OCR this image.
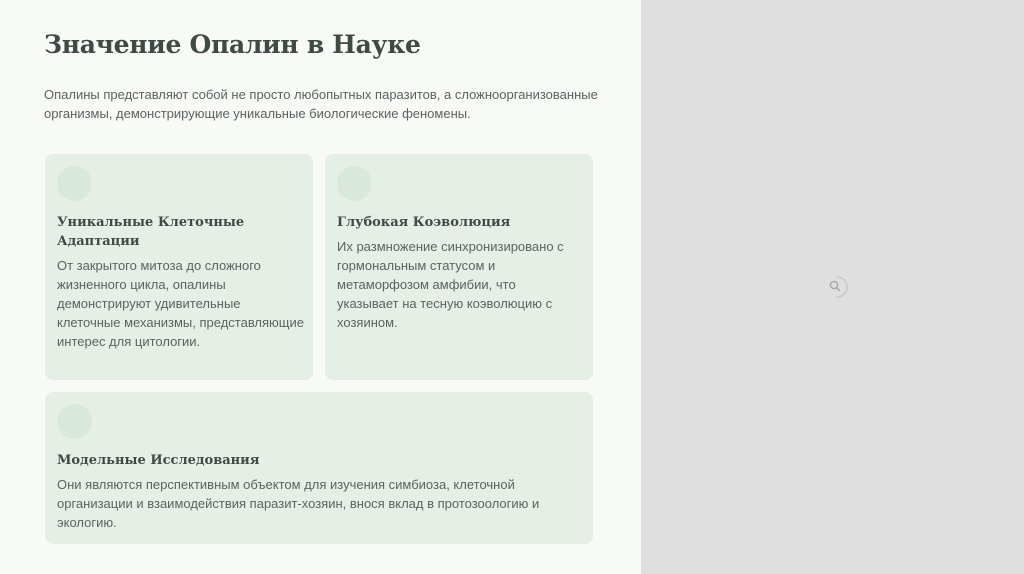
Значение Опалин в Науке

Опалины представляют собой не просто любопытных паразитов, а сложноорганизованные организмы, демонстрирующие уникальные биологические феномены.

Уникальные Клеточные Адаптации

От закрытого митоза до сложного жизненного цикла, опалины демонстрируют удивительные клеточные механизмы, представляющие интерес для цитологии.

Глубокая Коэволюция

Их размножение синхронизировано с гормональным статусом и метаморфозом амфибии, что указывает на тесную коэволюцию с хозяином.

Модельные Исследования

Они являются перспективным объектом для изучения симбиоза, клеточной организации и взаимодействия паразит-хозяин, внося вклад в протозоологию и экологию.
